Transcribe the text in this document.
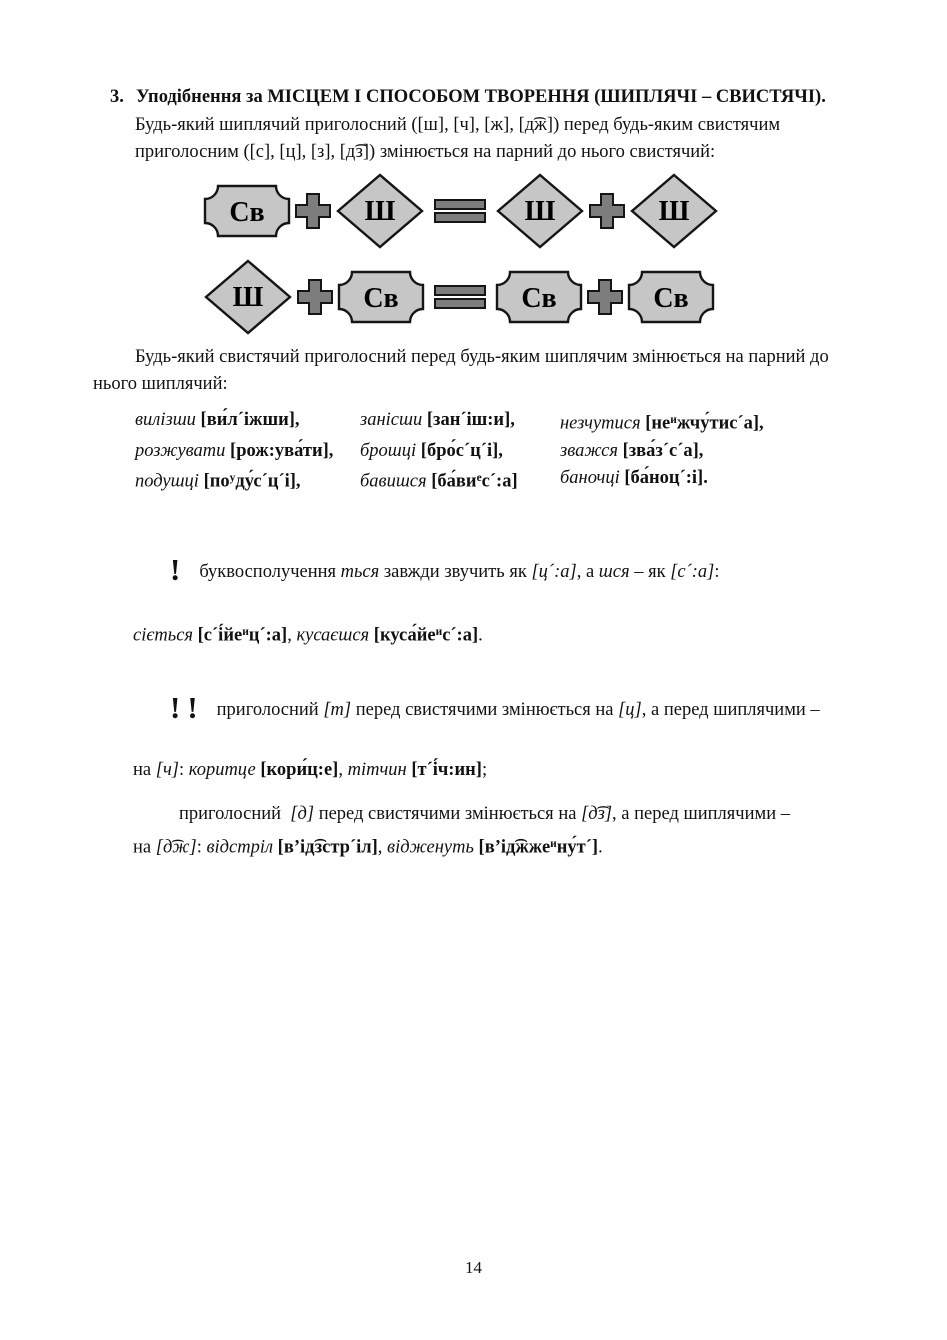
3. Уподібнення за МІСЦЕМ І СПОСОБОМ ТВОРЕННЯ (ШИПЛЯЧІ – СВИСТЯЧІ).
Будь-який шиплячий приголосний ([ш], [ч], [ж], [д͡ж]) перед будь-яким свистячим
приголосним ([с], [ц], [з], [д͡з]) змінюється на парний до нього свистячий:
Св	Ш	Ш	Ш
Ш	Св	Св	Св
Будь-який свистячий приголосний перед будь-яким шиплячим змінюється на парний до
нього шиплячий:
вилізши [ви́л´іжши],	занісши [зан´іш:и],	незчутися $[не^ижчу́тис´а]$,
розжувати [рож:ува́ти],	брошці [бро́с´ц´і],	зважся [зва́з´с´а],
подушці $[по^уду́с´ц´і]$,	бавишся $[ба́ви^ес´:а]$	баночці [ба́ноц´:і].

! буквосполучення ться завжди звучить як [ц´:а], а шся – як [с´:а]:

сіється $[с´і́йе^иц´:а]$, кусаєшся $[куса́йе^ис´:а]$.

!! приголосний [т] перед свистячими змінюється на [ц], а перед шиплячими –

на [ч]: коритце [кори́ц:е], тітчин [т´і́ч:ин];
приголосний  [д] перед свистячими змінюється на [д͡з], а перед шиплячими –
на [д͡ж]: відстріл [в’ід͡зстр´іл], відженуть [в’ід͡жже$^и$ну́т´].
14
